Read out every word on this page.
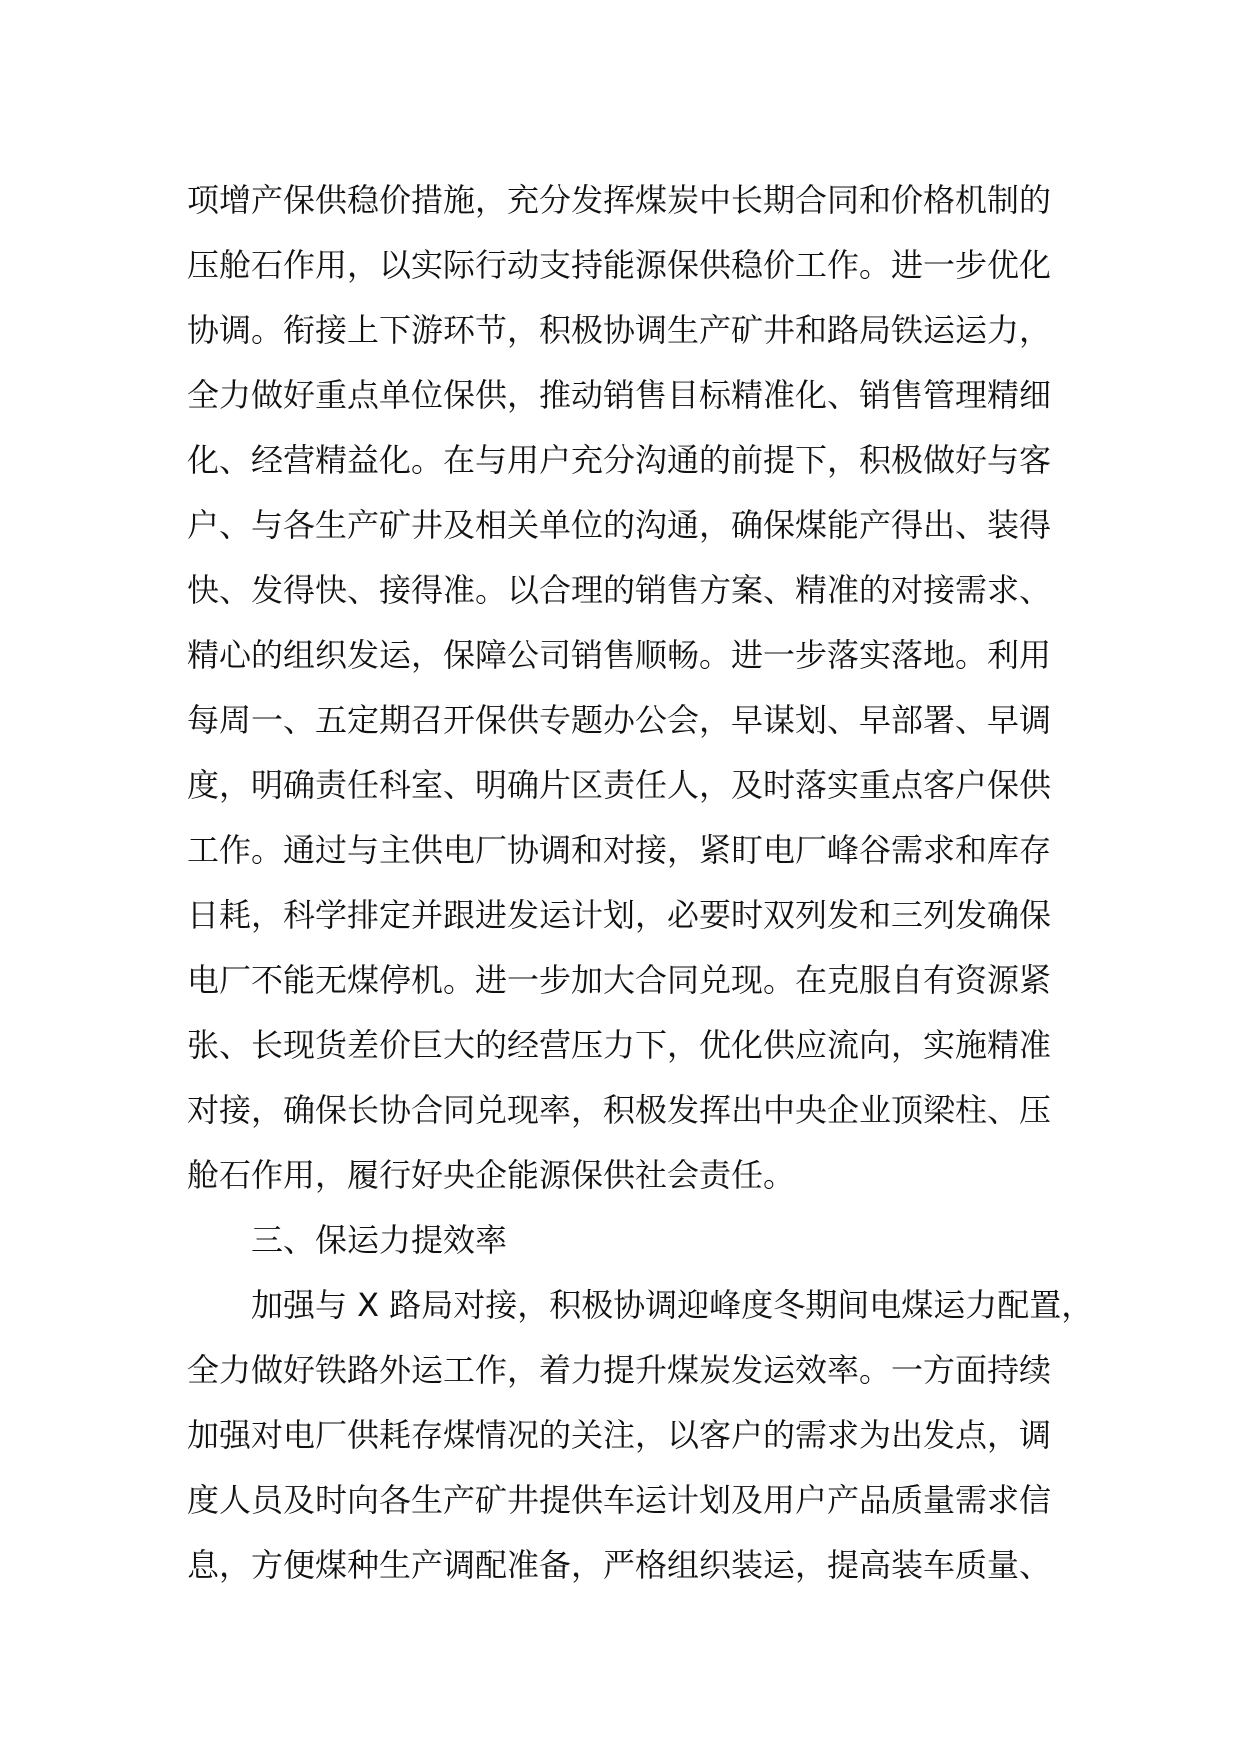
项增产保供稳价措施，充分发挥煤炭中长期合同和价格机制的
压舱石作用，以实际行动支持能源保供稳价工作。进一步优化
协调。衔接上下游环节，积极协调生产矿井和路局铁运运力，
全力做好重点单位保供，推动销售目标精准化、销售管理精细
化、经营精益化。在与用户充分沟通的前提下，积极做好与客
户、与各生产矿井及相关单位的沟通，确保煤能产得出、装得
快、发得快、接得准。以合理的销售方案、精准的对接需求、
精心的组织发运，保障公司销售顺畅。进一步落实落地。利用
每周一、五定期召开保供专题办公会，早谋划、早部署、早调
度，明确责任科室、明确片区责任人，及时落实重点客户保供
工作。通过与主供电厂协调和对接，紧盯电厂峰谷需求和库存
日耗，科学排定并跟进发运计划，必要时双列发和三列发确保
电厂不能无煤停机。进一步加大合同兑现。在克服自有资源紧
张、长现货差价巨大的经营压力下，优化供应流向，实施精准
对接，确保长协合同兑现率，积极发挥出中央企业顶梁柱、压
舱石作用，履行好央企能源保供社会责任。
三、保运力提效率
加强与 X 路局对接，积极协调迎峰度冬期间电煤运力配置，
全力做好铁路外运工作，着力提升煤炭发运效率。一方面持续
加强对电厂供耗存煤情况的关注，以客户的需求为出发点，调
度人员及时向各生产矿井提供车运计划及用户产品质量需求信
息，方便煤种生产调配准备，严格组织装运，提高装车质量、
